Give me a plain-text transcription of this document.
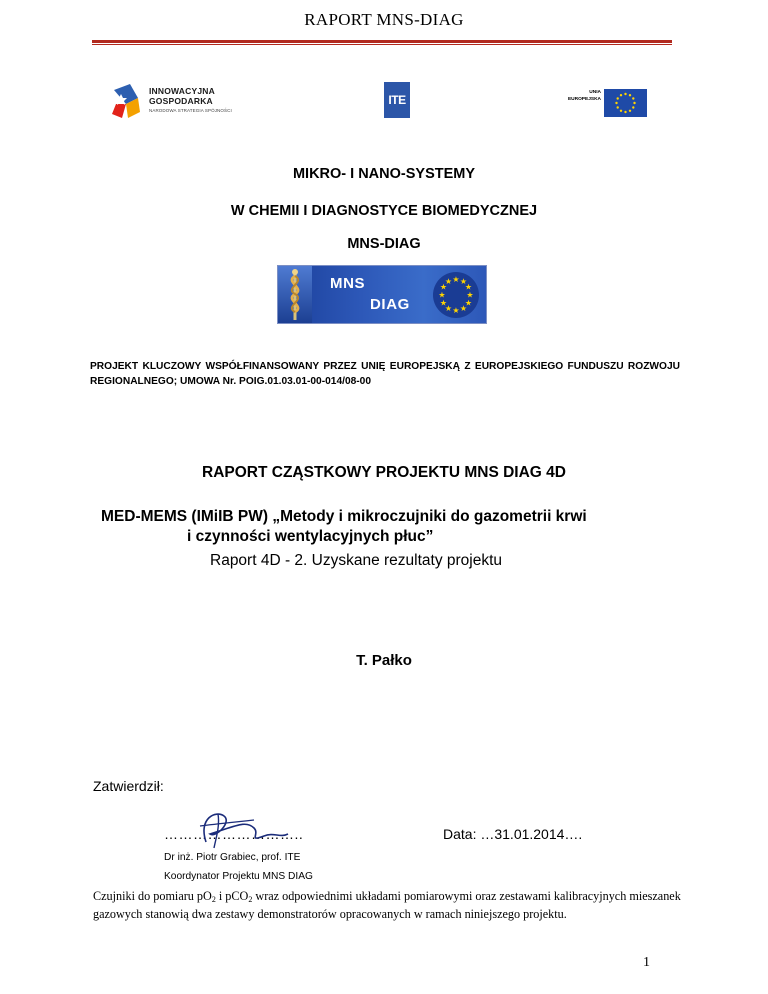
RAPORT MNS-DIAG
INNOWACYJNA
GOSPODARKA
NARODOWA STRATEGIA SPÓJNOŚCI
ITE
UNIA
EUROPEJSKA
MIKRO- I NANO-SYSTEMY
W CHEMII I DIAGNOSTYCE BIOMEDYCZNEJ
MNS-DIAG
MNS
DIAG
★ ★
★
★
★
★
★
★
★
★
★
★
PROJEKT KLUCZOWY WSPÓŁFINANSOWANY PRZEZ UNIĘ EUROPEJSKĄ Z EUROPEJSKIEGO FUNDUSZU ROZWOJU REGIONALNEGO; UMOWA Nr. POIG.01.03.01-00-014/08-00
RAPORT CZĄSTKOWY PROJEKTU MNS DIAG 4D
MED-MEMS (IMiIB PW) „Metody i mikroczujniki do gazometrii krwi
i czynności wentylacyjnych płuc”
Raport 4D - 2. Uzyskane rezultaty projektu
T. Pałko
Zatwierdził:
………………………..	Data: …31.01.2014….
Dr inż. Piotr Grabiec, prof. ITE
Koordynator Projektu MNS DIAG
Czujniki do pomiaru $pO_2$ i pCO$_2$ wraz odpowiednimi układami pomiarowymi oraz zestawami kalibracyjnych mieszanek gazowych stanowią dwa zestawy demonstratorów opracowanych w ramach niniejszego projektu.
1
